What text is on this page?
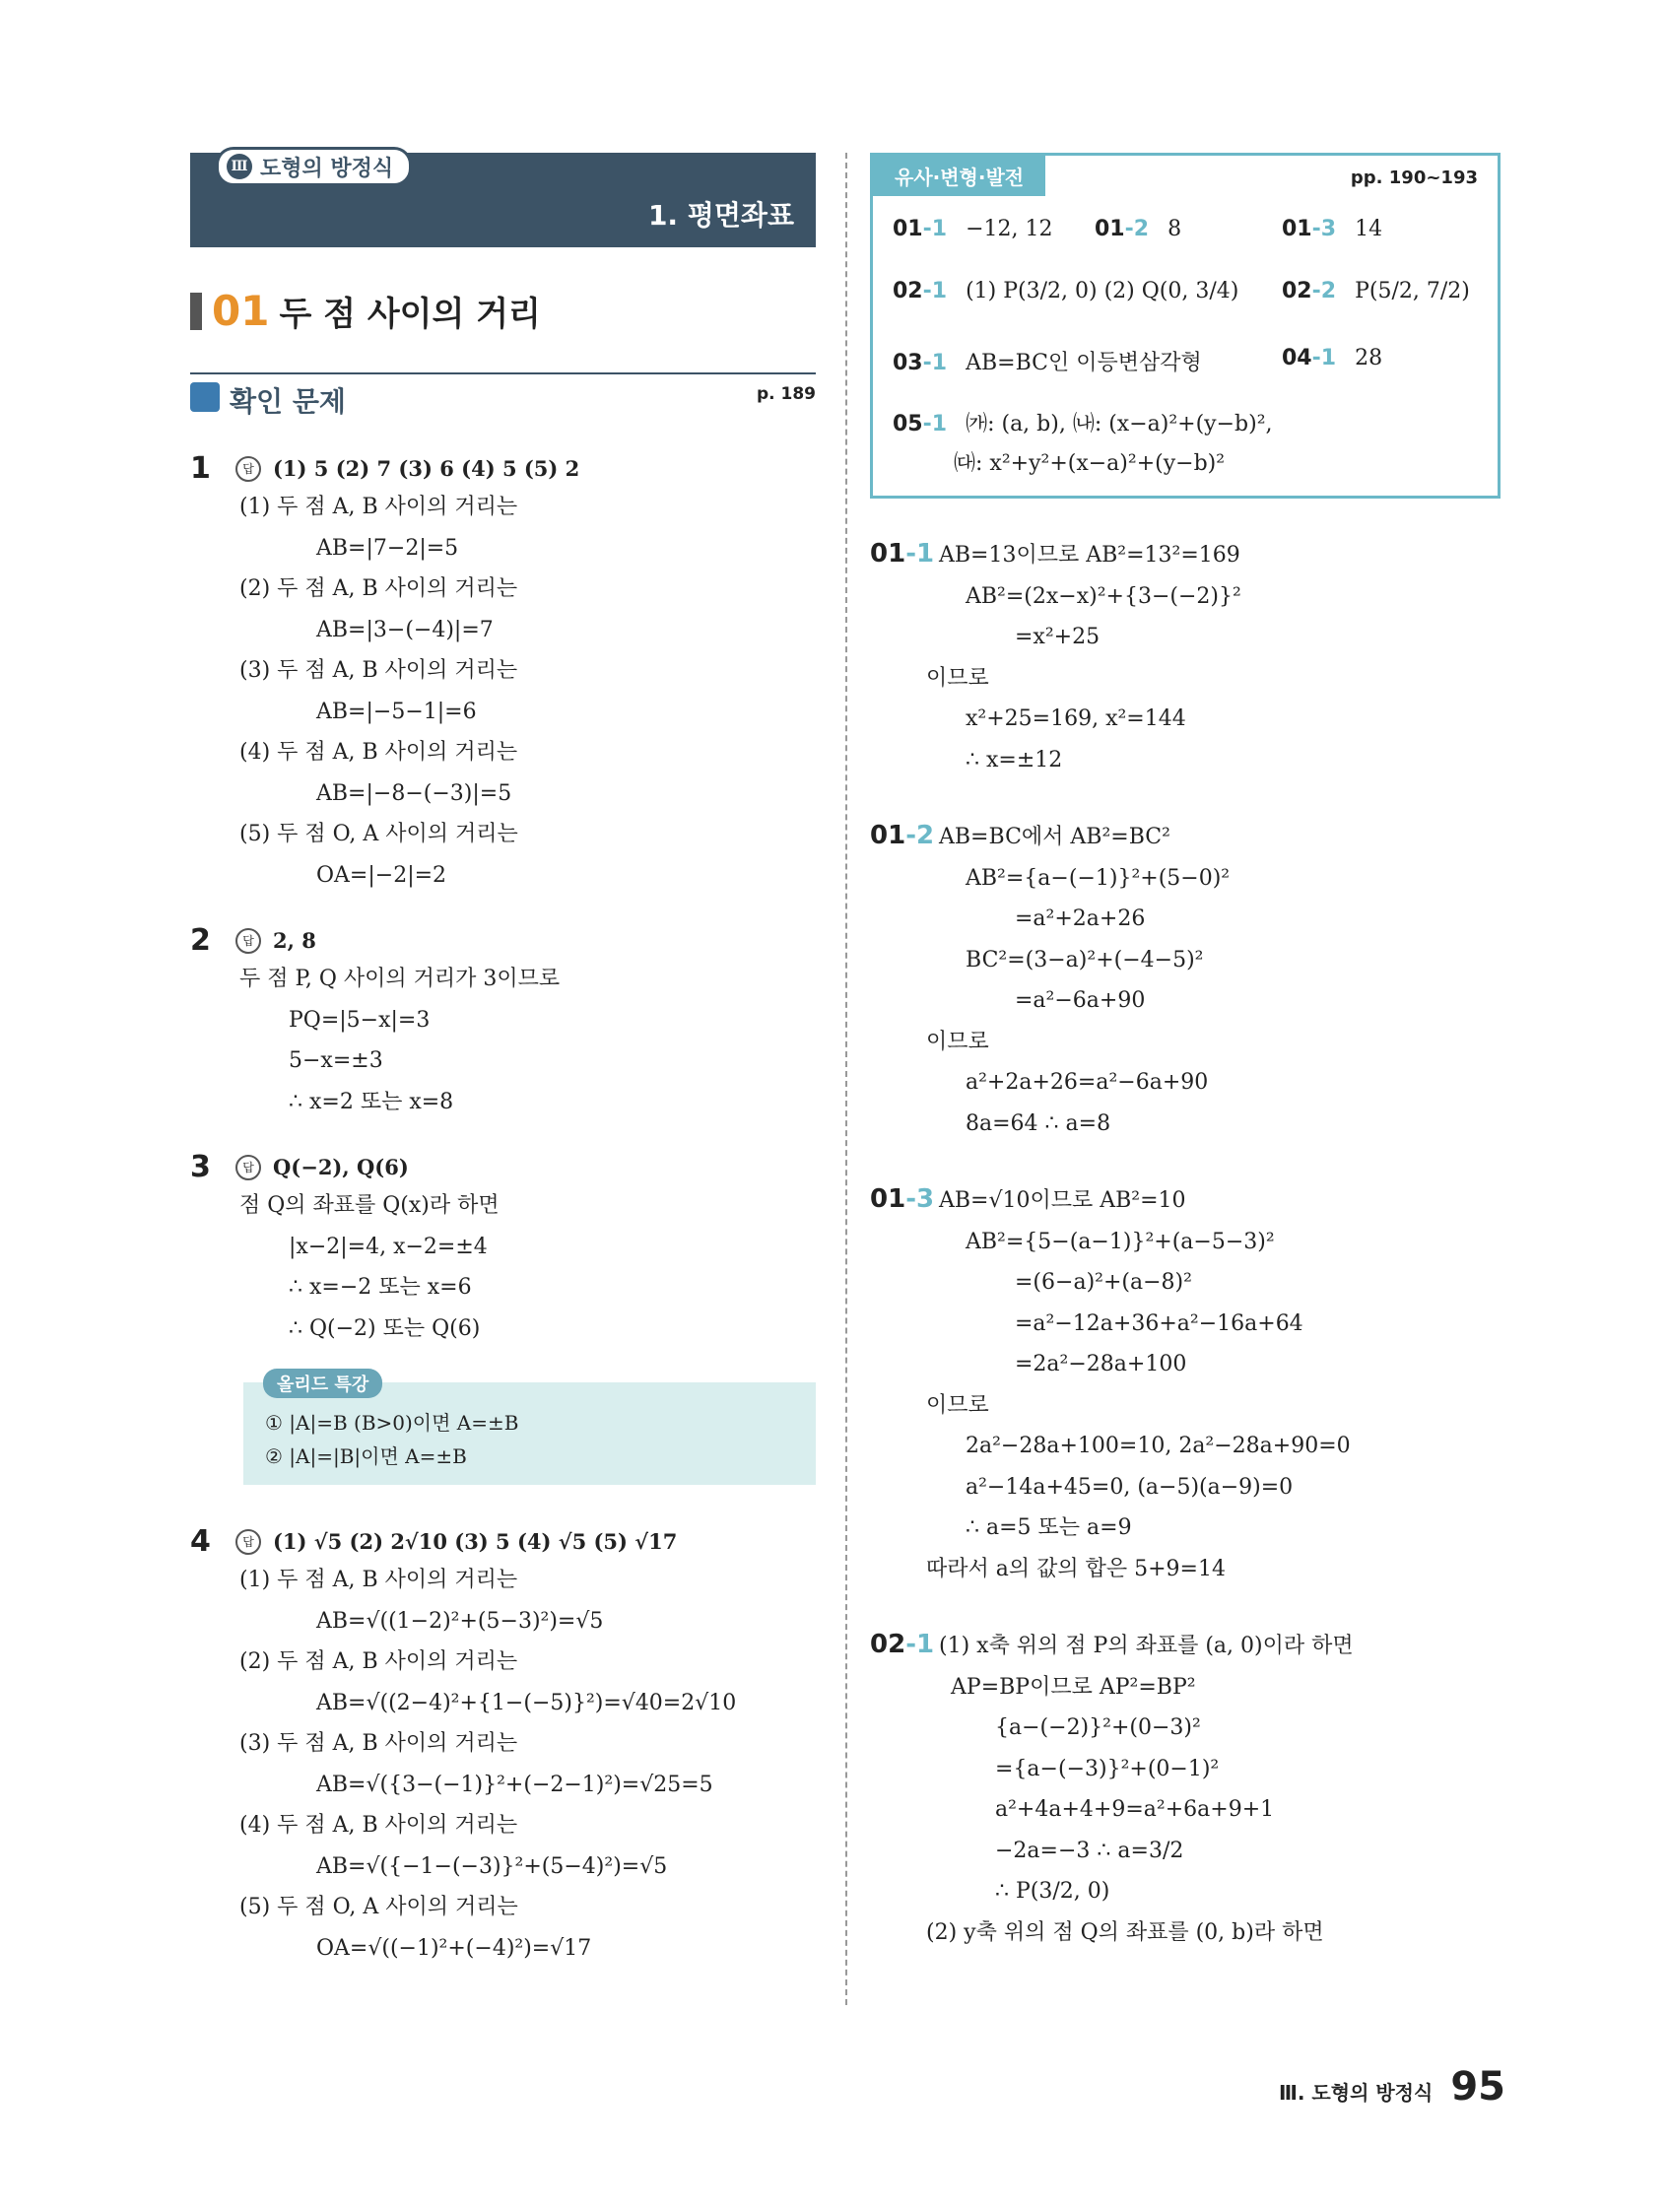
Ⅲ 도형의 방정식
1. 평면좌표
01 두 점 사이의 거리
확인 문제	p. 189
1	답 (1) 5 (2) 7 (3) 6 (4) 5 (5) 2
(1) 두 점 A, B 사이의 거리는
AB=|7−2|=5
(2) 두 점 A, B 사이의 거리는
AB=|3−(−4)|=7
(3) 두 점 A, B 사이의 거리는
AB=|−5−1|=6
(4) 두 점 A, B 사이의 거리는
AB=|−8−(−3)|=5
(5) 두 점 O, A 사이의 거리는
OA=|−2|=2
2	답 2, 8
두 점 P, Q 사이의 거리가 3이므로
PQ=|5−x|=3
5−x=±3
∴ x=2 또는 x=8
3	답 Q(−2), Q(6)
점 Q의 좌표를 Q(x)라 하면
|x−2|=4, x−2=±4
∴ x=−2 또는 x=6
∴ Q(−2) 또는 Q(6)
올리드 특강
① |A|=B (B>0)이면 A=±B
② |A|=|B|이면 A=±B
4	답 (1) √5 (2) 2√10 (3) 5 (4) √5 (5) √17
(1) 두 점 A, B 사이의 거리는
AB=√((1−2)²+(5−3)²)=√5
(2) 두 점 A, B 사이의 거리는
AB=√((2−4)²+{1−(−5)}²)=√40=2√10
(3) 두 점 A, B 사이의 거리는
AB=√({3−(−1)}²+(−2−1)²)=√25=5
(4) 두 점 A, B 사이의 거리는
AB=√({−1−(−3)}²+(5−4)²)=√5
(5) 두 점 O, A 사이의 거리는
OA=√((−1)²+(−4)²)=√17
유사·변형·발전	pp. 190~193
01-1 −12, 12 01-2 8	01-3 14
02-1 (1) P(3/2, 0) (2) Q(0, 3/4) 02-2 P(5/2, 7/2)
03-1 AB=BC인 이등변삼각형	04-1 28
05-1 ㈎: (a, b), ㈏: (x−a)²+(y−b)²,
㈐: x²+y²+(x−a)²+(y−b)²
01-1 AB=13이므로 AB²=13²=169
AB²=(2x−x)²+{3−(−2)}²
=x²+25
이므로
x²+25=169, x²=144
∴ x=±12
01-2 AB=BC에서 AB²=BC²
AB²={a−(−1)}²+(5−0)²
=a²+2a+26
BC²=(3−a)²+(−4−5)²
=a²−6a+90
이므로
a²+2a+26=a²−6a+90
8a=64 ∴ a=8
01-3 AB=√10이므로 AB²=10
AB²={5−(a−1)}²+(a−5−3)²
=(6−a)²+(a−8)²
=a²−12a+36+a²−16a+64
=2a²−28a+100
이므로
2a²−28a+100=10, 2a²−28a+90=0
a²−14a+45=0, (a−5)(a−9)=0
∴ a=5 또는 a=9
따라서 a의 값의 합은 5+9=14
02-1 (1) x축 위의 점 P의 좌표를 (a, 0)이라 하면
AP=BP이므로 AP²=BP²
{a−(−2)}²+(0−3)²
={a−(−3)}²+(0−1)²
a²+4a+4+9=a²+6a+9+1
−2a=−3 ∴ a=3/2
∴ P(3/2, 0)
(2) y축 위의 점 Q의 좌표를 (0, b)라 하면
Ⅲ. 도형의 방정식 95
